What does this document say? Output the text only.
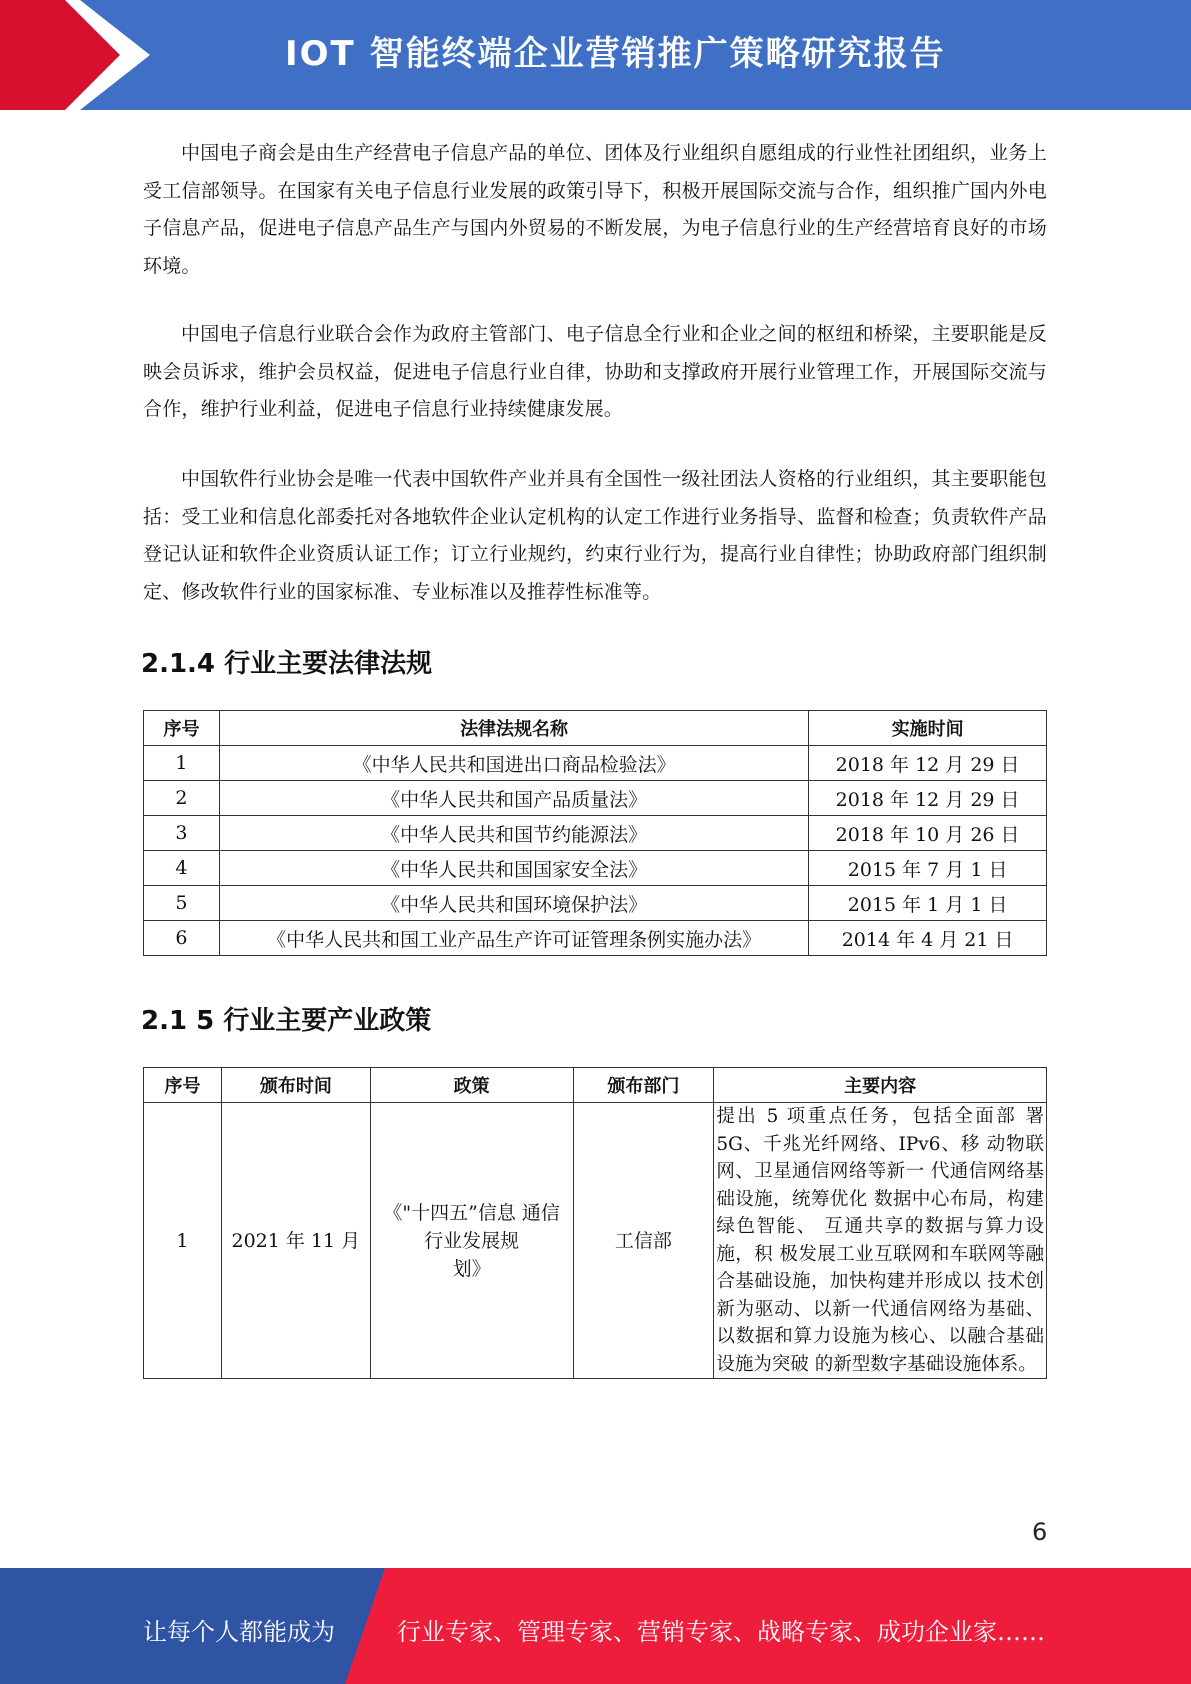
IOT 智能终端企业营销推广策略研究报告

中国电子商会是由生产经营电子信息产品的单位、团体及行业组织自愿组成的行业性社团组织，业务上受工信部领导。在国家有关电子信息行业发展的政策引导下，积极开展国际交流与合作，组织推广国内外电子信息产品，促进电子信息产品生产与国内外贸易的不断发展，为电子信息行业的生产经营培育良好的市场环境。

中国电子信息行业联合会作为政府主管部门、电子信息全行业和企业之间的枢纽和桥梁，主要职能是反映会员诉求，维护会员权益，促进电子信息行业自律，协助和支撑政府开展行业管理工作，开展国际交流与合作，维护行业利益，促进电子信息行业持续健康发展。

中国软件行业协会是唯一代表中国软件产业并具有全国性一级社团法人资格的行业组织，其主要职能包括：受工业和信息化部委托对各地软件企业认定机构的认定工作进行业务指导、监督和检查；负责软件产品登记认证和软件企业资质认证工作；订立行业规约，约束行业行为，提高行业自律性；协助政府部门组织制定、修改软件行业的国家标准、专业标准以及推荐性标准等。

2.1.4 行业主要法律法规
序号	法律法规名称	实施时间
1	《中华人民共和国进出口商品检验法》	2018 年 12 月 29 日
2	《中华人民共和国产品质量法》	2018 年 12 月 29 日
3	《中华人民共和国节约能源法》	2018 年 10 月 26 日
4	《中华人民共和国国家安全法》	2015 年 7 月 1 日
5	《中华人民共和国环境保护法》	2015 年 1 月 1 日
6	《中华人民共和国工业产品生产许可证管理条例实施办法》	2014 年 4 月 21 日
2.1 5 行业主要产业政策
序号	颁布时间	政策	颁布部门	主要内容
1	2021 年 11 月	《"十四五”信息 通信
行业发展规
划》	工信部	提出 5 项重点任务，包括全面部 署 5G、千兆光纤网络、IPv6、移 动物联网、卫星通信网络等新一 代通信网络基础设施，统筹优化 数据中心布局，构建绿色智能、 互通共享的数据与算力设施，积 极发展工业互联网和车联网等融 合基础设施，加快构建并形成以 技术创新为驱动、以新一代通信网络为基础、以数据和算力设施为核心、以融合基础设施为突破 的新型数字基础设施体系。
6
让每个人都能成为	行业专家、管理专家、营销专家、战略专家、成功企业家……
